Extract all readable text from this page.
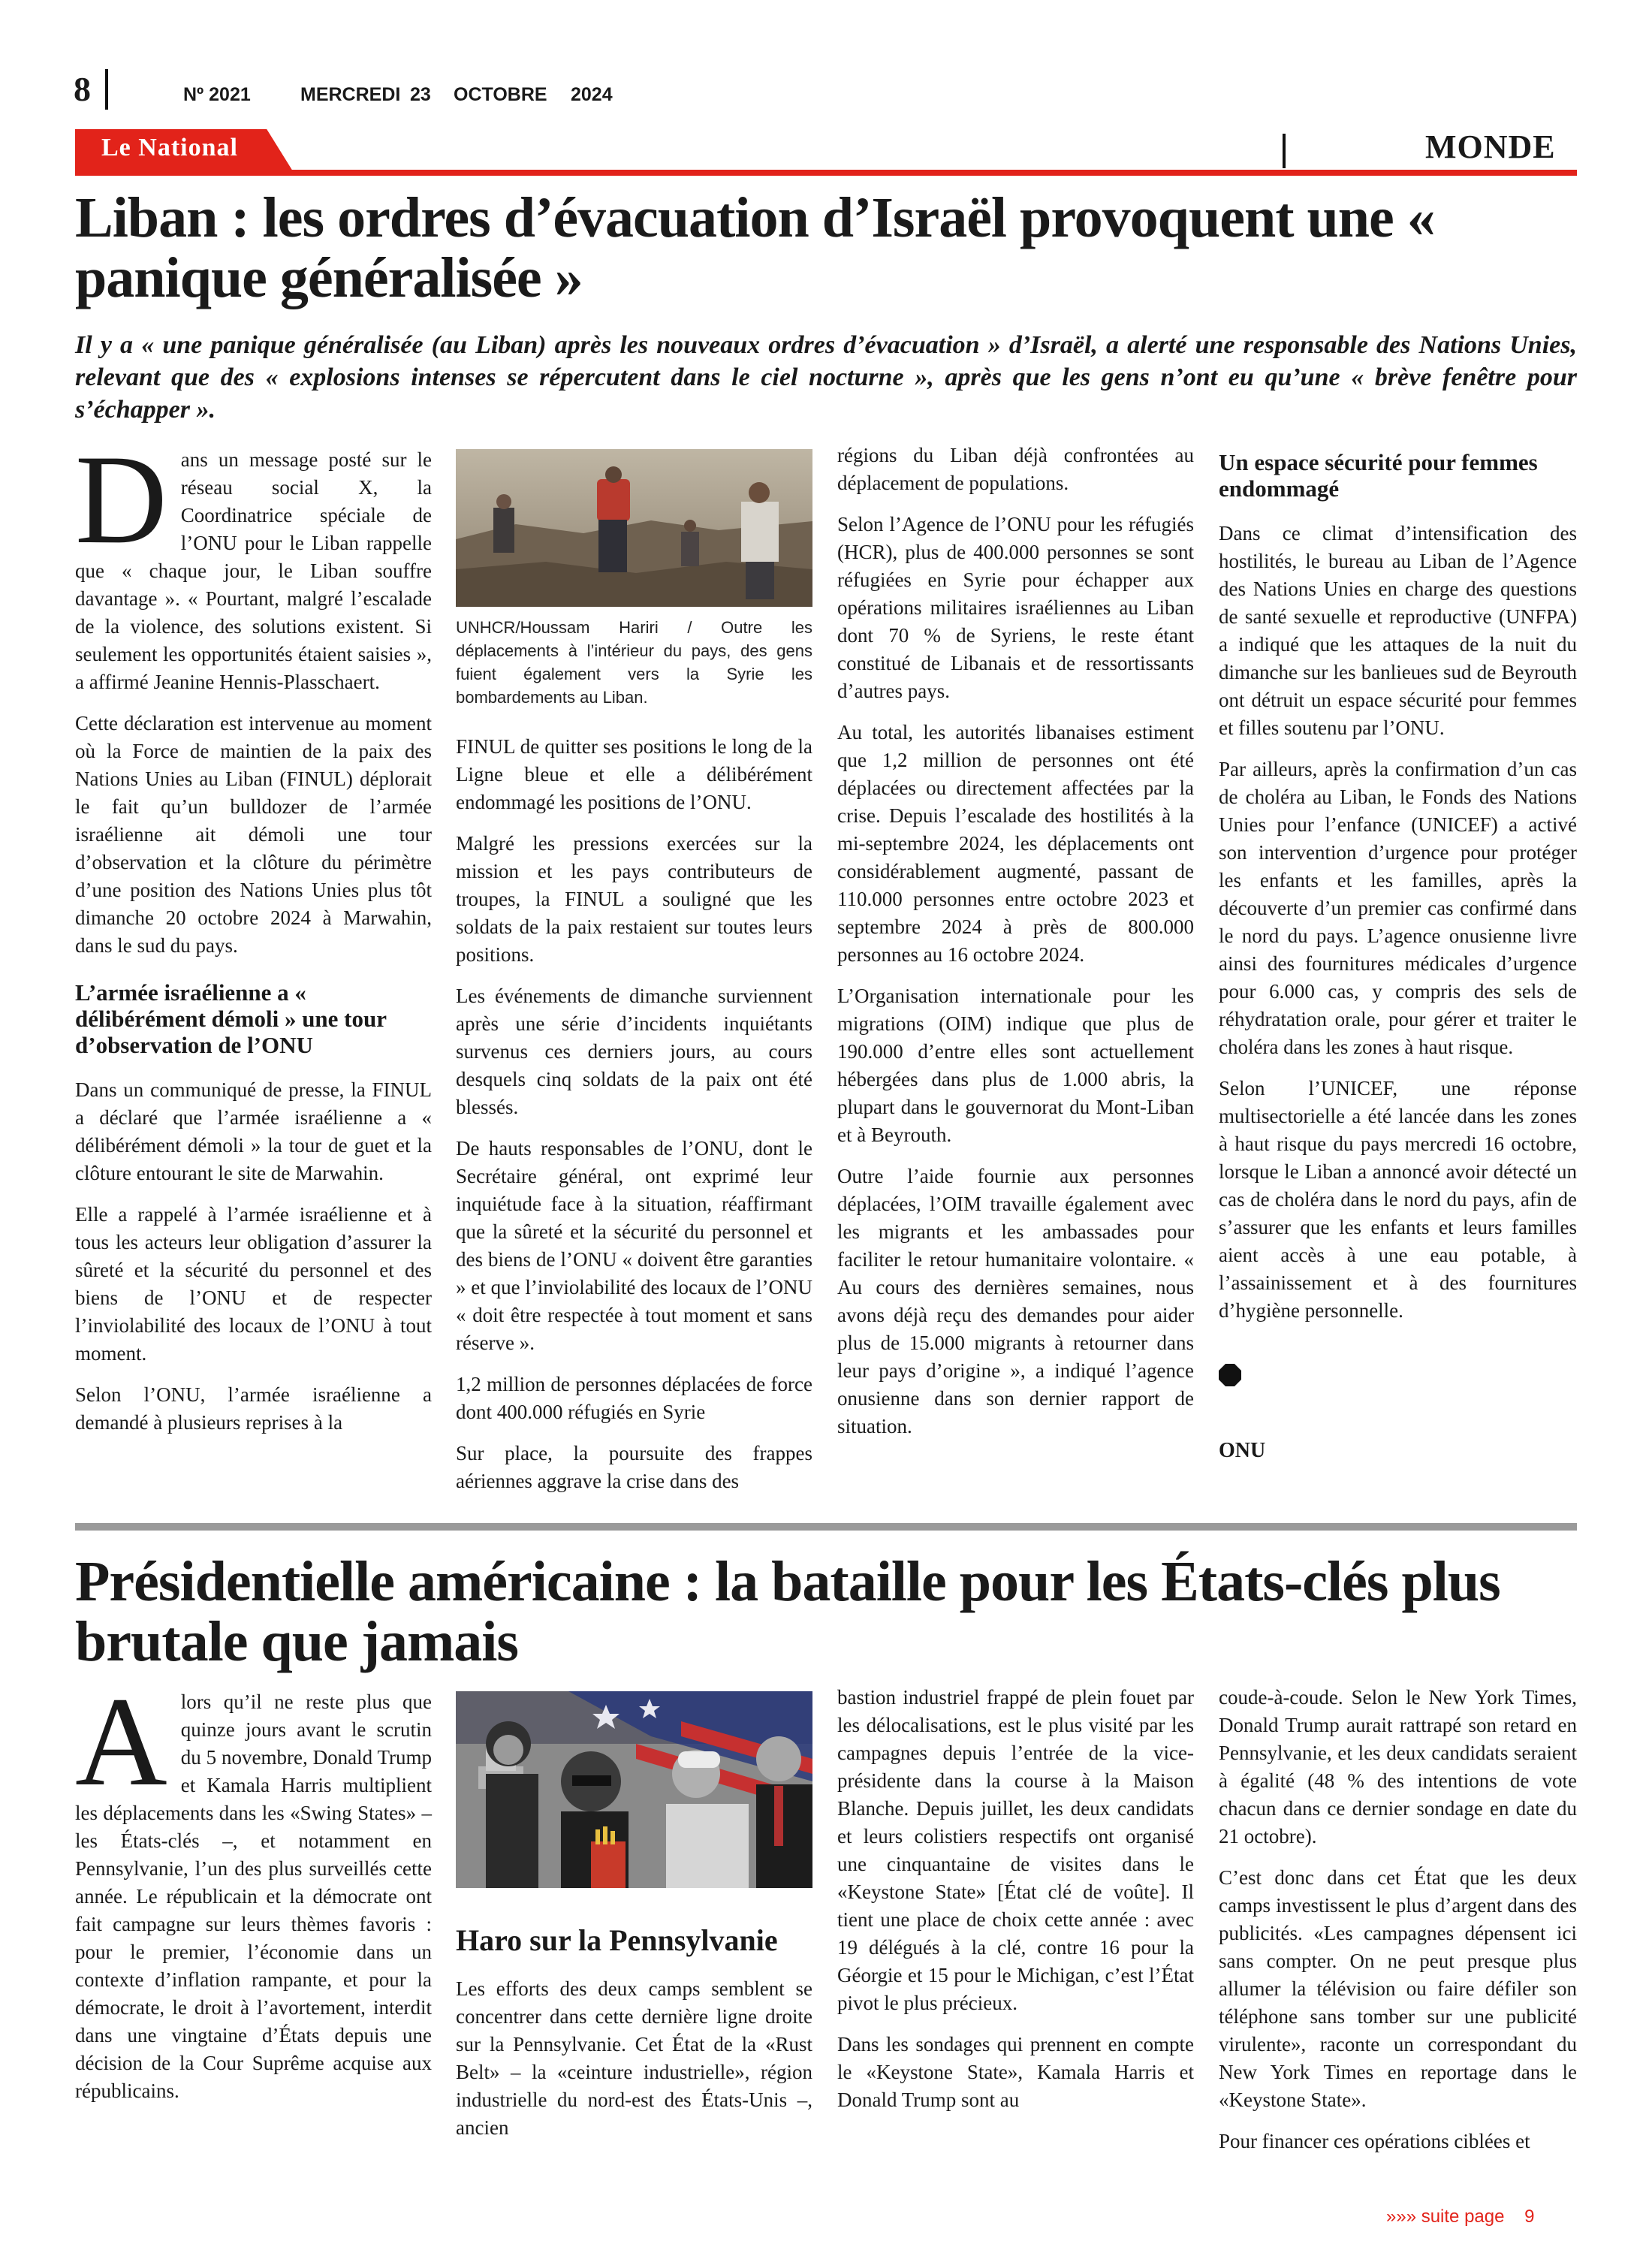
8	Nº 2021	MERCREDI 23 OCTOBRE 2024
Le National	MONDE
Liban : les ordres d’évacuation d’Israël provoquent une « panique généralisée »
Il y a « une panique généralisée (au Liban) après les nouveaux ordres d’évacuation » d’Israël, a alerté une responsable des Nations Unies, relevant que des « explosions intenses se répercutent dans le ciel nocturne », après que les gens n’ont eu qu’une « brève fenêtre pour s’échapper ».

Dans un message posté sur le réseau social X, la Coordinatrice spéciale de l’ONU pour le Liban rappelle que « chaque jour, le Liban souffre davantage ». « Pourtant, malgré l’escalade de la violence, des solutions existent. Si seulement les opportunités étaient saisies », a affirmé Jeanine Hennis-Plasschaert.

Cette déclaration est intervenue au moment où la Force de maintien de la paix des Nations Unies au Liban (FINUL) déplorait le fait qu’un bulldozer de l’armée israélienne ait démoli une tour d’observation et la clôture du périmètre d’une position des Nations Unies plus tôt dimanche 20 octobre 2024 à Marwahin, dans le sud du pays.

L’armée israélienne a « délibérément démoli » une tour d’observation de l’ONU

Dans un communiqué de presse, la FINUL a déclaré que l’armée israélienne a « délibérément démoli » la tour de guet et la clôture entourant le site de Marwahin.

Elle a rappelé à l’armée israélienne et à tous les acteurs leur obligation d’assurer la sûreté et la sécurité du personnel et des biens de l’ONU et de respecter l’inviolabilité des locaux de l’ONU à tout moment.

Selon l’ONU, l’armée israélienne a demandé à plusieurs reprises à la

UNHCR/Houssam Hariri / Outre les déplacements à l’intérieur du pays, des gens fuient également vers la Syrie les bombardements au Liban.

FINUL de quitter ses positions le long de la Ligne bleue et elle a délibérément endommagé les positions de l’ONU.

Malgré les pressions exercées sur la mission et les pays contributeurs de troupes, la FINUL a souligné que les soldats de la paix restaient sur toutes leurs positions.

Les événements de dimanche surviennent après une série d’incidents inquiétants survenus ces derniers jours, au cours desquels cinq soldats de la paix ont été blessés.

De hauts responsables de l’ONU, dont le Secrétaire général, ont exprimé leur inquiétude face à la situation, réaffirmant que la sûreté et la sécurité du personnel et des biens de l’ONU « doivent être garanties » et que l’inviolabilité des locaux de l’ONU « doit être respectée à tout moment et sans réserve ».

1,2 million de personnes déplacées de force dont 400.000 réfugiés en Syrie

Sur place, la poursuite des frappes aériennes aggrave la crise dans des

régions du Liban déjà confrontées au déplacement de populations.

Selon l’Agence de l’ONU pour les réfugiés (HCR), plus de 400.000 personnes se sont réfugiées en Syrie pour échapper aux opérations militaires israéliennes au Liban dont 70 % de Syriens, le reste étant constitué de Libanais et de ressortissants d’autres pays.

Au total, les autorités libanaises estiment que 1,2 million de personnes ont été déplacées ou directement affectées par la crise. Depuis l’escalade des hostilités à la mi-septembre 2024, les déplacements ont considérablement augmenté, passant de 110.000 personnes entre octobre 2023 et septembre 2024 à près de 800.000 personnes au 16 octobre 2024.

L’Organisation internationale pour les migrations (OIM) indique que plus de 190.000 d’entre elles sont actuellement hébergées dans plus de 1.000 abris, la plupart dans le gouvernorat du Mont-Liban et à Beyrouth.

Outre l’aide fournie aux personnes déplacées, l’OIM travaille également avec les migrants et les ambassades pour faciliter le retour humanitaire volontaire. « Au cours des dernières semaines, nous avons déjà reçu des demandes pour aider plus de 15.000 migrants à retourner dans leur pays d’origine », a indiqué l’agence onusienne dans son dernier rapport de situation.

Un espace sécurité pour femmes endommagé

Dans ce climat d’intensification des hostilités, le bureau au Liban de l’Agence des Nations Unies en charge des questions de santé sexuelle et reproductive (UNFPA) a indiqué que les attaques de la nuit du dimanche sur les banlieues sud de Beyrouth ont détruit un espace sécurité pour femmes et filles soutenu par l’ONU.

Par ailleurs, après la confirmation d’un cas de choléra au Liban, le Fonds des Nations Unies pour l’enfance (UNICEF) a activé son intervention d’urgence pour protéger les enfants et les familles, après la découverte d’un premier cas confirmé dans le nord du pays. L’agence onusienne livre ainsi des fournitures médicales d’urgence pour 6.000 cas, y compris des sels de réhydratation orale, pour gérer et traiter le choléra dans les zones à haut risque.

Selon l’UNICEF, une réponse multisectorielle a été lancée dans les zones à haut risque du pays mercredi 16 octobre, lorsque le Liban a annoncé avoir détecté un cas de choléra dans le nord du pays, afin de s’assurer que les enfants et leurs familles aient accès à une eau potable, à l’assainissement et à des fournitures d’hygiène personnelle.

ONU
Présidentielle américaine : la bataille pour les États-clés plus brutale que jamais

Alors qu’il ne reste plus que quinze jours avant le scrutin du 5 novembre, Donald Trump et Kamala Harris multiplient les déplacements dans les «Swing States» – les États-clés –, et notamment en Pennsylvanie, l’un des plus surveillés cette année. Le républicain et la démocrate ont fait campagne sur leurs thèmes favoris : pour le premier, l’économie dans un contexte d’inflation rampante, et pour la démocrate, le droit à l’avortement, interdit dans une vingtaine d’États depuis une décision de la Cour Suprême acquise aux républicains.

Haro sur la Pennsylvanie

Les efforts des deux camps semblent se concentrer dans cette dernière ligne droite sur la Pennsylvanie. Cet État de la «Rust Belt» – la «ceinture industrielle», région industrielle du nord-est des États-Unis –, ancien

bastion industriel frappé de plein fouet par les délocalisations, est le plus visité par les campagnes depuis l’entrée de la vice-présidente dans la course à la Maison Blanche. Depuis juillet, les deux candidats et leurs colistiers respectifs ont organisé une cinquantaine de visites dans le «Keystone State» [État clé de voûte]. Il tient une place de choix cette année : avec 19 délégués à la clé, contre 16 pour la Géorgie et 15 pour le Michigan, c’est l’État pivot le plus précieux.

Dans les sondages qui prennent en compte le «Keystone State», Kamala Harris et Donald Trump sont au

coude-à-coude. Selon le New York Times, Donald Trump aurait rattrapé son retard en Pennsylvanie, et les deux candidats seraient à égalité (48 % des intentions de vote chacun dans ce dernier sondage en date du 21 octobre).

C’est donc dans cet État que les deux camps investissent le plus d’argent dans des publicités. «Les campagnes dépensent ici sans compter. On ne peut presque plus allumer la télévision ou faire défiler son téléphone sans tomber sur une publicité virulente», raconte un correspondant du New York Times en reportage dans le «Keystone State».

Pour financer ces opérations ciblées et

»»» suite page 9
